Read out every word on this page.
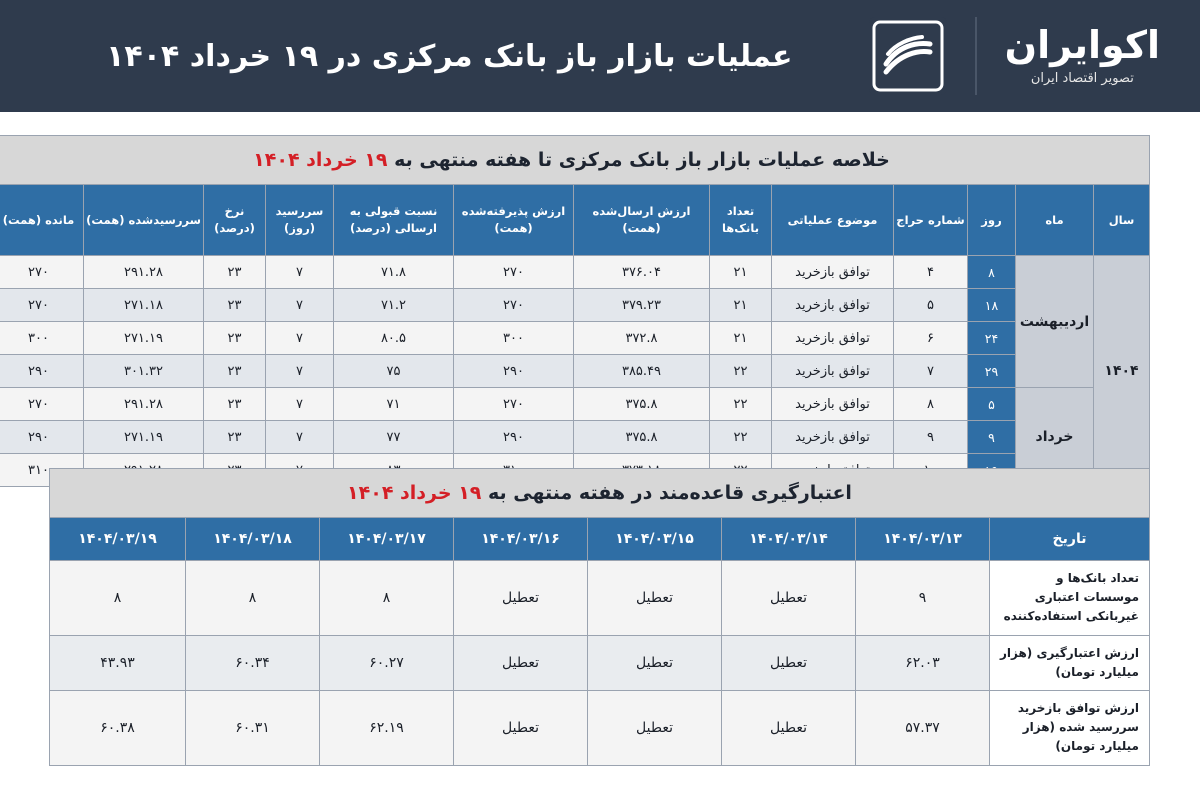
اکوایران
تصویر اقتصاد ایران
عملیات بازار باز بانک مرکزی در ۱۹ خرداد ۱۴۰۴
خلاصه عملیات بازار باز بانک مرکزی تا هفته منتهی به ۱۹ خرداد ۱۴۰۴
سال	ماه	روز	شماره حراج	موضوع عملیاتی	تعداد بانک‌ها	ارزش ارسال‌شده (همت)	ارزش پذیرفته‌شده (همت)	نسبت قبولی به ارسالی (درصد)	سررسید (روز)	نرخ (درصد)	سررسیدشده (همت)	مانده (همت)
۱۴۰۴	اردیبهشت	۸	۴	توافق بازخرید	۲۱	۳۷۶.۰۴	۲۷۰	۷۱.۸	۷	۲۳	۲۹۱.۲۸	۲۷۰
		۱۸	۵	توافق بازخرید	۲۱	۳۷۹.۲۳	۲۷۰	۷۱.۲	۷	۲۳	۲۷۱.۱۸	۲۷۰
		۲۴	۶	توافق بازخرید	۲۱	۳۷۲.۸	۳۰۰	۸۰.۵	۷	۲۳	۲۷۱.۱۹	۳۰۰
		۲۹	۷	توافق بازخرید	۲۲	۳۸۵.۴۹	۲۹۰	۷۵	۷	۲۳	۳۰۱.۳۲	۲۹۰
	خرداد	۵	۸	توافق بازخرید	۲۲	۳۷۵.۸	۲۷۰	۷۱	۷	۲۳	۲۹۱.۲۸	۲۷۰
		۹	۹	توافق بازخرید	۲۲	۳۷۵.۸	۲۹۰	۷۷	۷	۲۳	۲۷۱.۱۹	۲۹۰
										۳۱۰
اعتبارگیری قاعده‌مند در هفته منتهی به ۱۹ خرداد ۱۴۰۴
تاریخ	۱۴۰۴/۰۳/۱۳	۱۴۰۴/۰۳/۱۴	۱۴۰۴/۰۳/۱۵	۱۴۰۴/۰۳/۱۶	۱۴۰۴/۰۳/۱۷	۱۴۰۴/۰۳/۱۸	۱۴۰۴/۰۳/۱۹
تعداد بانک‌ها و موسسات اعتباری غیربانکی استفاده‌کننده	۹	تعطیل	تعطیل	تعطیل	۸	۸	۸
ارزش اعتبارگیری (هزار میلیارد تومان)	۶۲.۰۳	تعطیل	تعطیل	تعطیل	۶۰.۲۷	۶۰.۳۴	۴۳.۹۳
ارزش توافق بازخرید سررسید شده (هزار میلیارد تومان)	۵۷.۳۷	تعطیل	تعطیل	تعطیل	۶۲.۱۹	۶۰.۳۱	۶۰.۳۸
